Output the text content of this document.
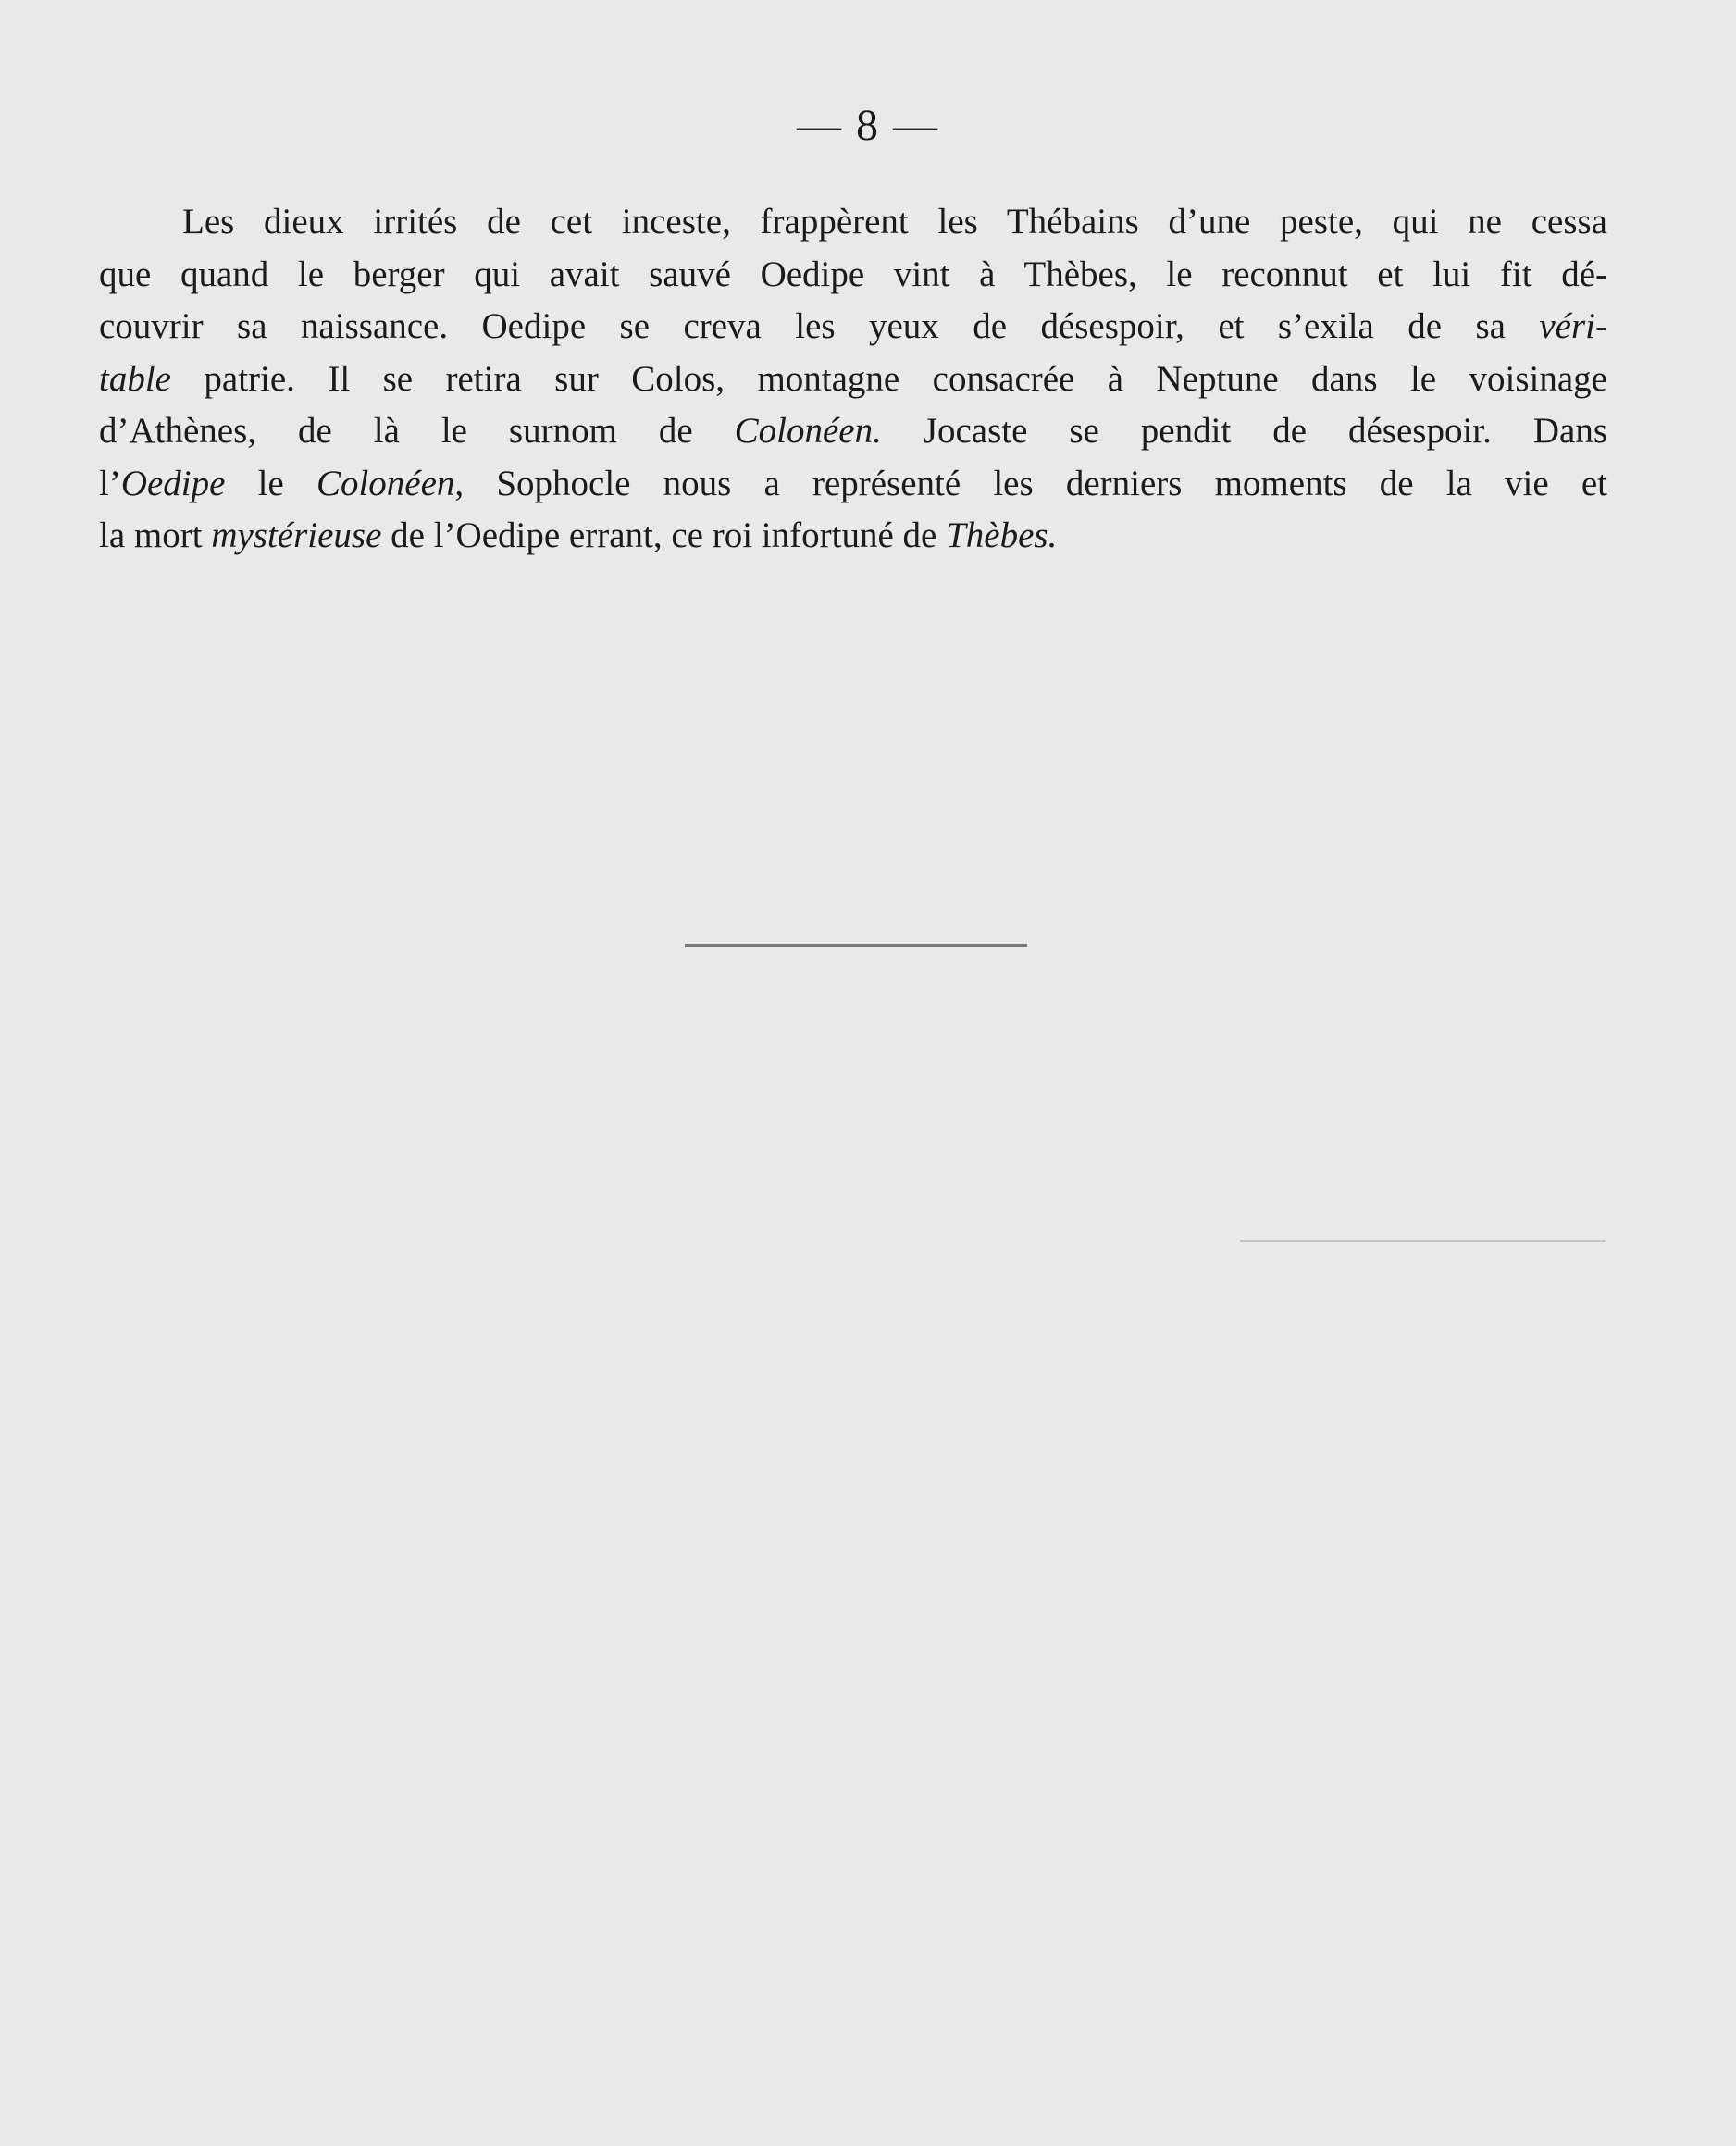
— 8 —
Les dieux irrités de cet inceste, frappèrent les Thébains d’une peste, qui ne cessa
que quand le berger qui avait sauvé Oedipe vint à Thèbes, le reconnut et lui fit dé-
couvrir sa naissance. Oedipe se creva les yeux de désespoir, et s’exila de sa véri-
table patrie. Il se retira sur Colos, montagne consacrée à Neptune dans le voisinage
d’Athènes, de là le surnom de Colonéen. Jocaste se pendit de désespoir. Dans
l’Oedipe le Colonéen, Sophocle nous a représenté les derniers moments de la vie et
la mort mystérieuse de l’Oedipe errant, ce roi infortuné de Thèbes.
